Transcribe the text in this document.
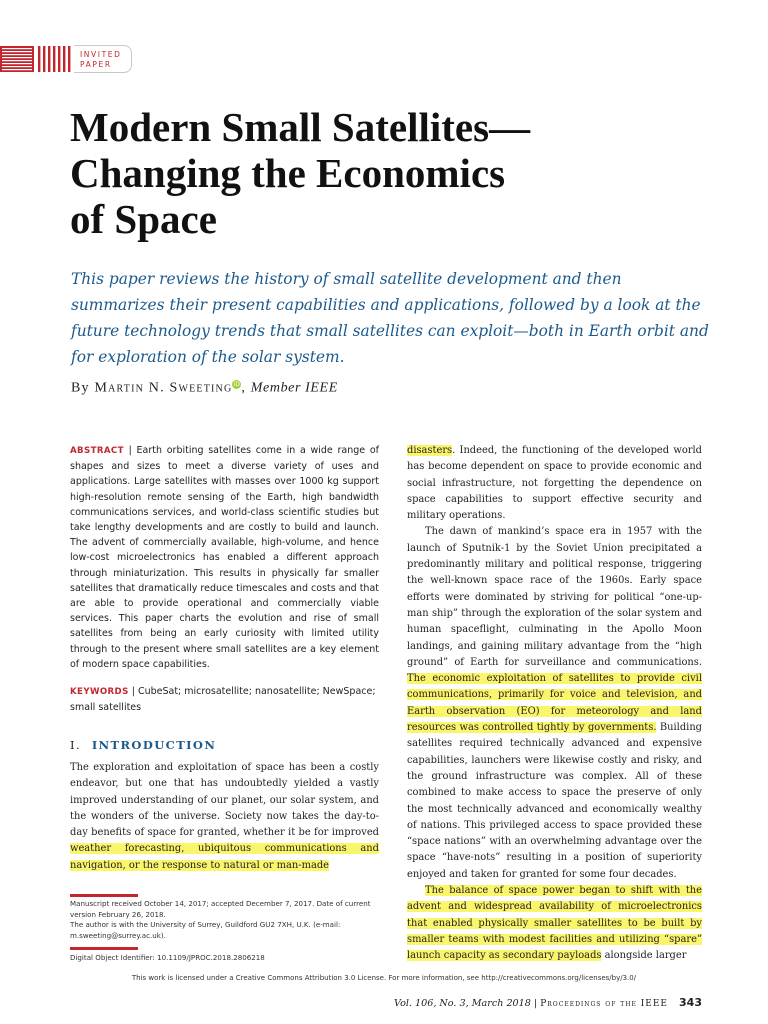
INVITED
PAPER
Modern Small Satellites—
Changing the Economics
of Space
This paper reviews the history of small satellite development and then summarizes their present capabilities and applications, followed by a look at the future technology trends that small satellites can exploit—both in Earth orbit and for exploration of the solar system.
By Martin N. SweetingiD, Member IEEE
ABSTRACT | Earth orbiting satellites come in a wide range of shapes and sizes to meet a diverse variety of uses and applications. Large satellites with masses over 1000 kg support high-resolution remote sensing of the Earth, high bandwidth communications services, and world-class scientific studies but take lengthy developments and are costly to build and launch. The advent of commercially available, high-volume, and hence low-cost microelectronics has enabled a different approach through miniaturization. This results in physically far smaller satellites that dramatically reduce timescales and costs and that are able to provide operational and commercially viable services. This paper charts the evolution and rise of small satellites from being an early curiosity with limited utility through to the present where small satellites are a key element of modern space capabilities.
KEYWORDS | CubeSat; microsatellite; nanosatellite; NewSpace; small satellites
I. INTRODUCTION
The exploration and exploitation of space has been a costly endeavor, but one that has undoubtedly yielded a vastly improved understanding of our planet, our solar system, and the wonders of the universe. Society now takes the day-to-day benefits of space for granted, whether it be for improved weather forecasting, ubiquitous communications and navigation, or the response to natural or man-made
Manuscript received October 14, 2017; accepted December 7, 2017. Date of current version February 26, 2018.
The author is with the University of Surrey, Guildford GU2 7XH, U.K. (e-mail: m.sweeting@surrey.ac.uk).
Digital Object Identifier: 10.1109/JPROC.2018.2806218

disasters. Indeed, the functioning of the developed world has become dependent on space to provide economic and social infrastructure, not forgetting the dependence on space capabilities to support effective security and military operations.

The dawn of mankind’s space era in 1957 with the launch of Sputnik-1 by the Soviet Union precipitated a predominantly military and political response, triggering the well-known space race of the 1960s. Early space efforts were dominated by striving for political “one-up-man ship” through the exploration of the solar system and human spaceflight, culminating in the Apollo Moon landings, and gaining military advantage from the “high ground” of Earth for surveillance and communications. The economic exploitation of satellites to provide civil communications, primarily for voice and television, and Earth observation (EO) for meteorology and land resources was controlled tightly by governments. Building satellites required technically advanced and expensive capabilities, launchers were likewise costly and risky, and the ground infrastructure was complex. All of these combined to make access to space the preserve of only the most technically advanced and economically wealthy of nations. This privileged access to space provided these “space nations” with an overwhelming advantage over the space “have-nots” resulting in a position of superiority enjoyed and taken for granted for some four decades.

The balance of space power began to shift with the advent and widespread availability of microelectronics that enabled physically smaller satellites to be built by smaller teams with modest facilities and utilizing “spare” launch capacity as secondary payloads alongside larger

This work is licensed under a Creative Commons Attribution 3.0 License. For more information, see http://creativecommons.org/licenses/by/3.0/
Vol. 106, No. 3, March 2018 | Proceedings of the IEEE 343
